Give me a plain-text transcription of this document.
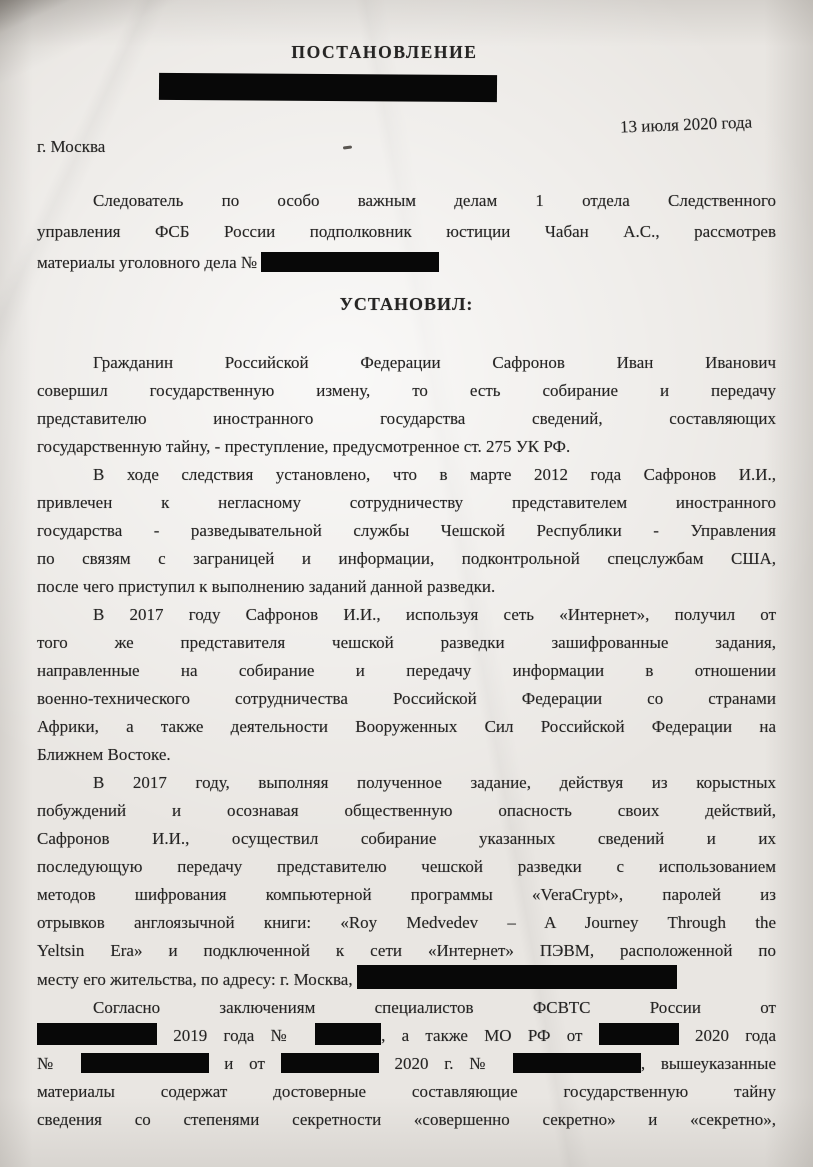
ПОСТАНОВЛЕНИЕ
13 июля 2020 года
г. Москва
Следователь по особо важным делам 1 отдела Следственного
управления ФСБ России подполковник юстиции Чабан А.С., рассмотрев
материалы уголовного дела №
УСТАНОВИЛ:
Гражданин Российской Федерации Сафронов Иван Иванович
совершил государственную измену, то есть собирание и передачу
представителю иностранного государства сведений, составляющих
государственную тайну, - преступление, предусмотренное ст. 275 УК РФ.
В ходе следствия установлено, что в марте 2012 года Сафронов И.И.,
привлечен к негласному сотрудничеству представителем иностранного
государства - разведывательной службы Чешской Республики - Управления
по связям с заграницей и информации, подконтрольной спецслужбам США,
после чего приступил к выполнению заданий данной разведки.
В 2017 году Сафронов И.И., используя сеть «Интернет», получил от
того же представителя чешской разведки зашифрованные задания,
направленные на собирание и передачу информации в отношении
военно-технического сотрудничества Российской Федерации со странами
Африки, а также деятельности Вооруженных Сил Российской Федерации на
Ближнем Востоке.
В 2017 году, выполняя полученное задание, действуя из корыстных
побуждений и осознавая общественную опасность своих действий,
Сафронов И.И., осуществил собирание указанных сведений и их
последующую передачу представителю чешской разведки с использованием
методов шифрования компьютерной программы «VeraCrypt», паролей из
отрывков англоязычной книги: «Roy Medvedev – A Journey Through the
Yeltsin Era» и подключенной к сети «Интернет» ПЭВМ, расположенной по
месту его жительства, по адресу: г. Москва,
Согласно заключениям специалистов ФСВТС России от
2019 года №	, а также МО РФ от	2020 года
№	и от	2020 г. №	, вышеуказанные
материалы содержат достоверные составляющие государственную тайну
сведения со степенями секретности «совершенно секретно» и «секретно»,
